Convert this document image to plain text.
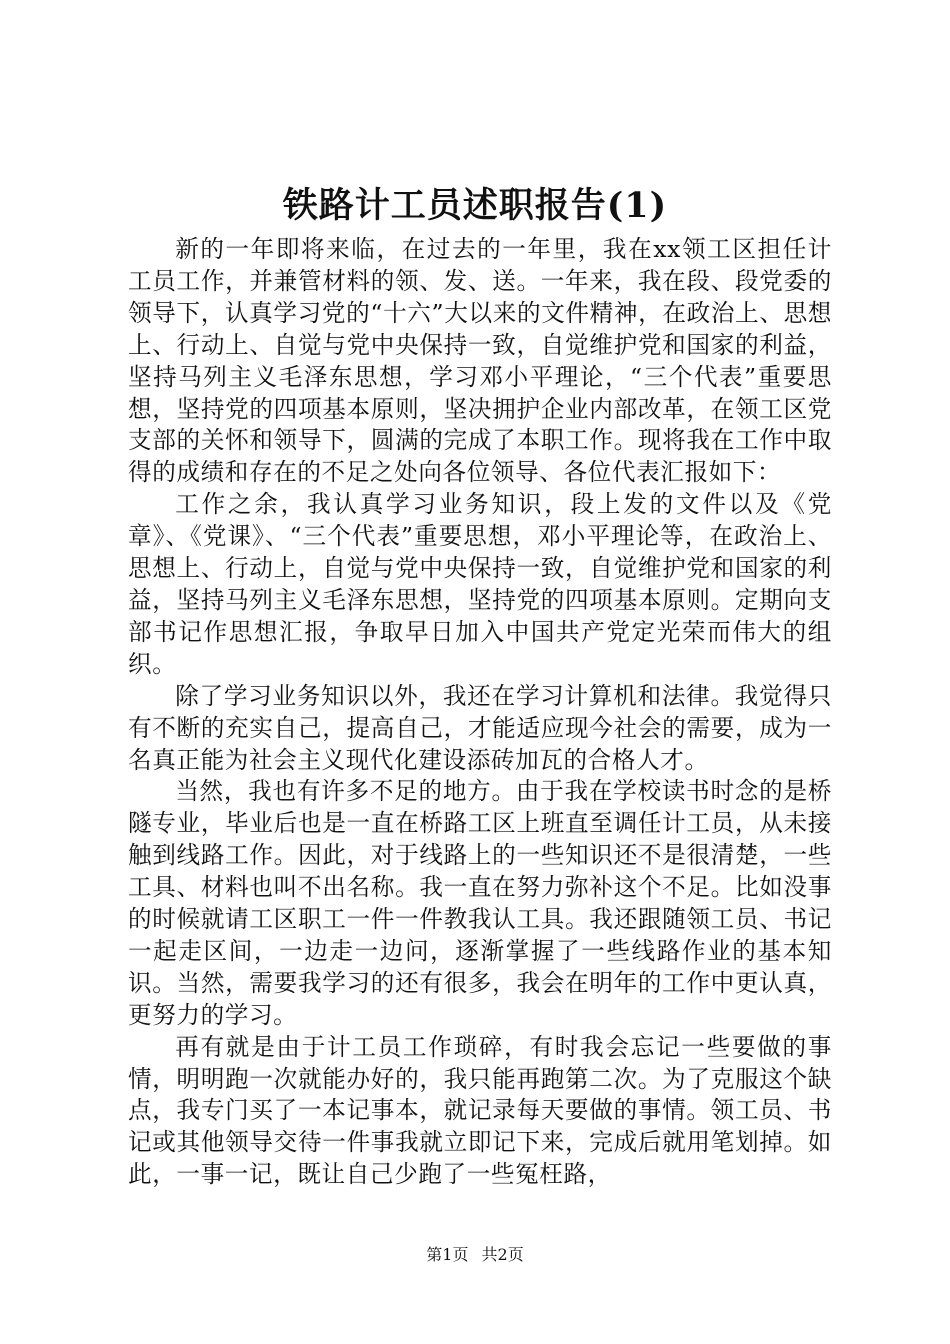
铁路计工员述职报告(1)

新的一年即将来临，在过去的一年里，我在xx领工区担任计工员工作，并兼管材料的领、发、送。一年来，我在段、段党委的领导下，认真学习党的“十六”大以来的文件精神，在政治上、思想上、行动上、自觉与党中央保持一致，自觉维护党和国家的利益，坚持马列主义毛泽东思想，学习邓小平理论，“三个代表”重要思想，坚持党的四项基本原则，坚决拥护企业内部改革，在领工区党支部的关怀和领导下，圆满的完成了本职工作。现将我在工作中取得的成绩和存在的不足之处向各位领导、各位代表汇报如下：

工作之余，我认真学习业务知识，段上发的文件以及《党章》、《党课》、“三个代表”重要思想，邓小平理论等，在政治上、思想上、行动上，自觉与党中央保持一致，自觉维护党和国家的利益，坚持马列主义毛泽东思想，坚持党的四项基本原则。定期向支部书记作思想汇报，争取早日加入中国共产党定光荣而伟大的组织。

除了学习业务知识以外，我还在学习计算机和法律。我觉得只有不断的充实自己，提高自己，才能适应现今社会的需要，成为一名真正能为社会主义现代化建设添砖加瓦的合格人才。

当然，我也有许多不足的地方。由于我在学校读书时念的是桥隧专业，毕业后也是一直在桥路工区上班直至调任计工员，从未接触到线路工作。因此，对于线路上的一些知识还不是很清楚，一些工具、材料也叫不出名称。我一直在努力弥补这个不足。比如没事的时候就请工区职工一件一件教我认工具。我还跟随领工员、书记一起走区间，一边走一边问，逐渐掌握了一些线路作业的基本知识。当然，需要我学习的还有很多，我会在明年的工作中更认真，更努力的学习。

再有就是由于计工员工作琐碎，有时我会忘记一些要做的事情，明明跑一次就能办好的，我只能再跑第二次。为了克服这个缺点，我专门买了一本记事本，就记录每天要做的事情。领工员、书记或其他领导交待一件事我就立即记下来，完成后就用笔划掉。如此，一事一记，既让自己少跑了一些冤枉路，

第1页 共2页
